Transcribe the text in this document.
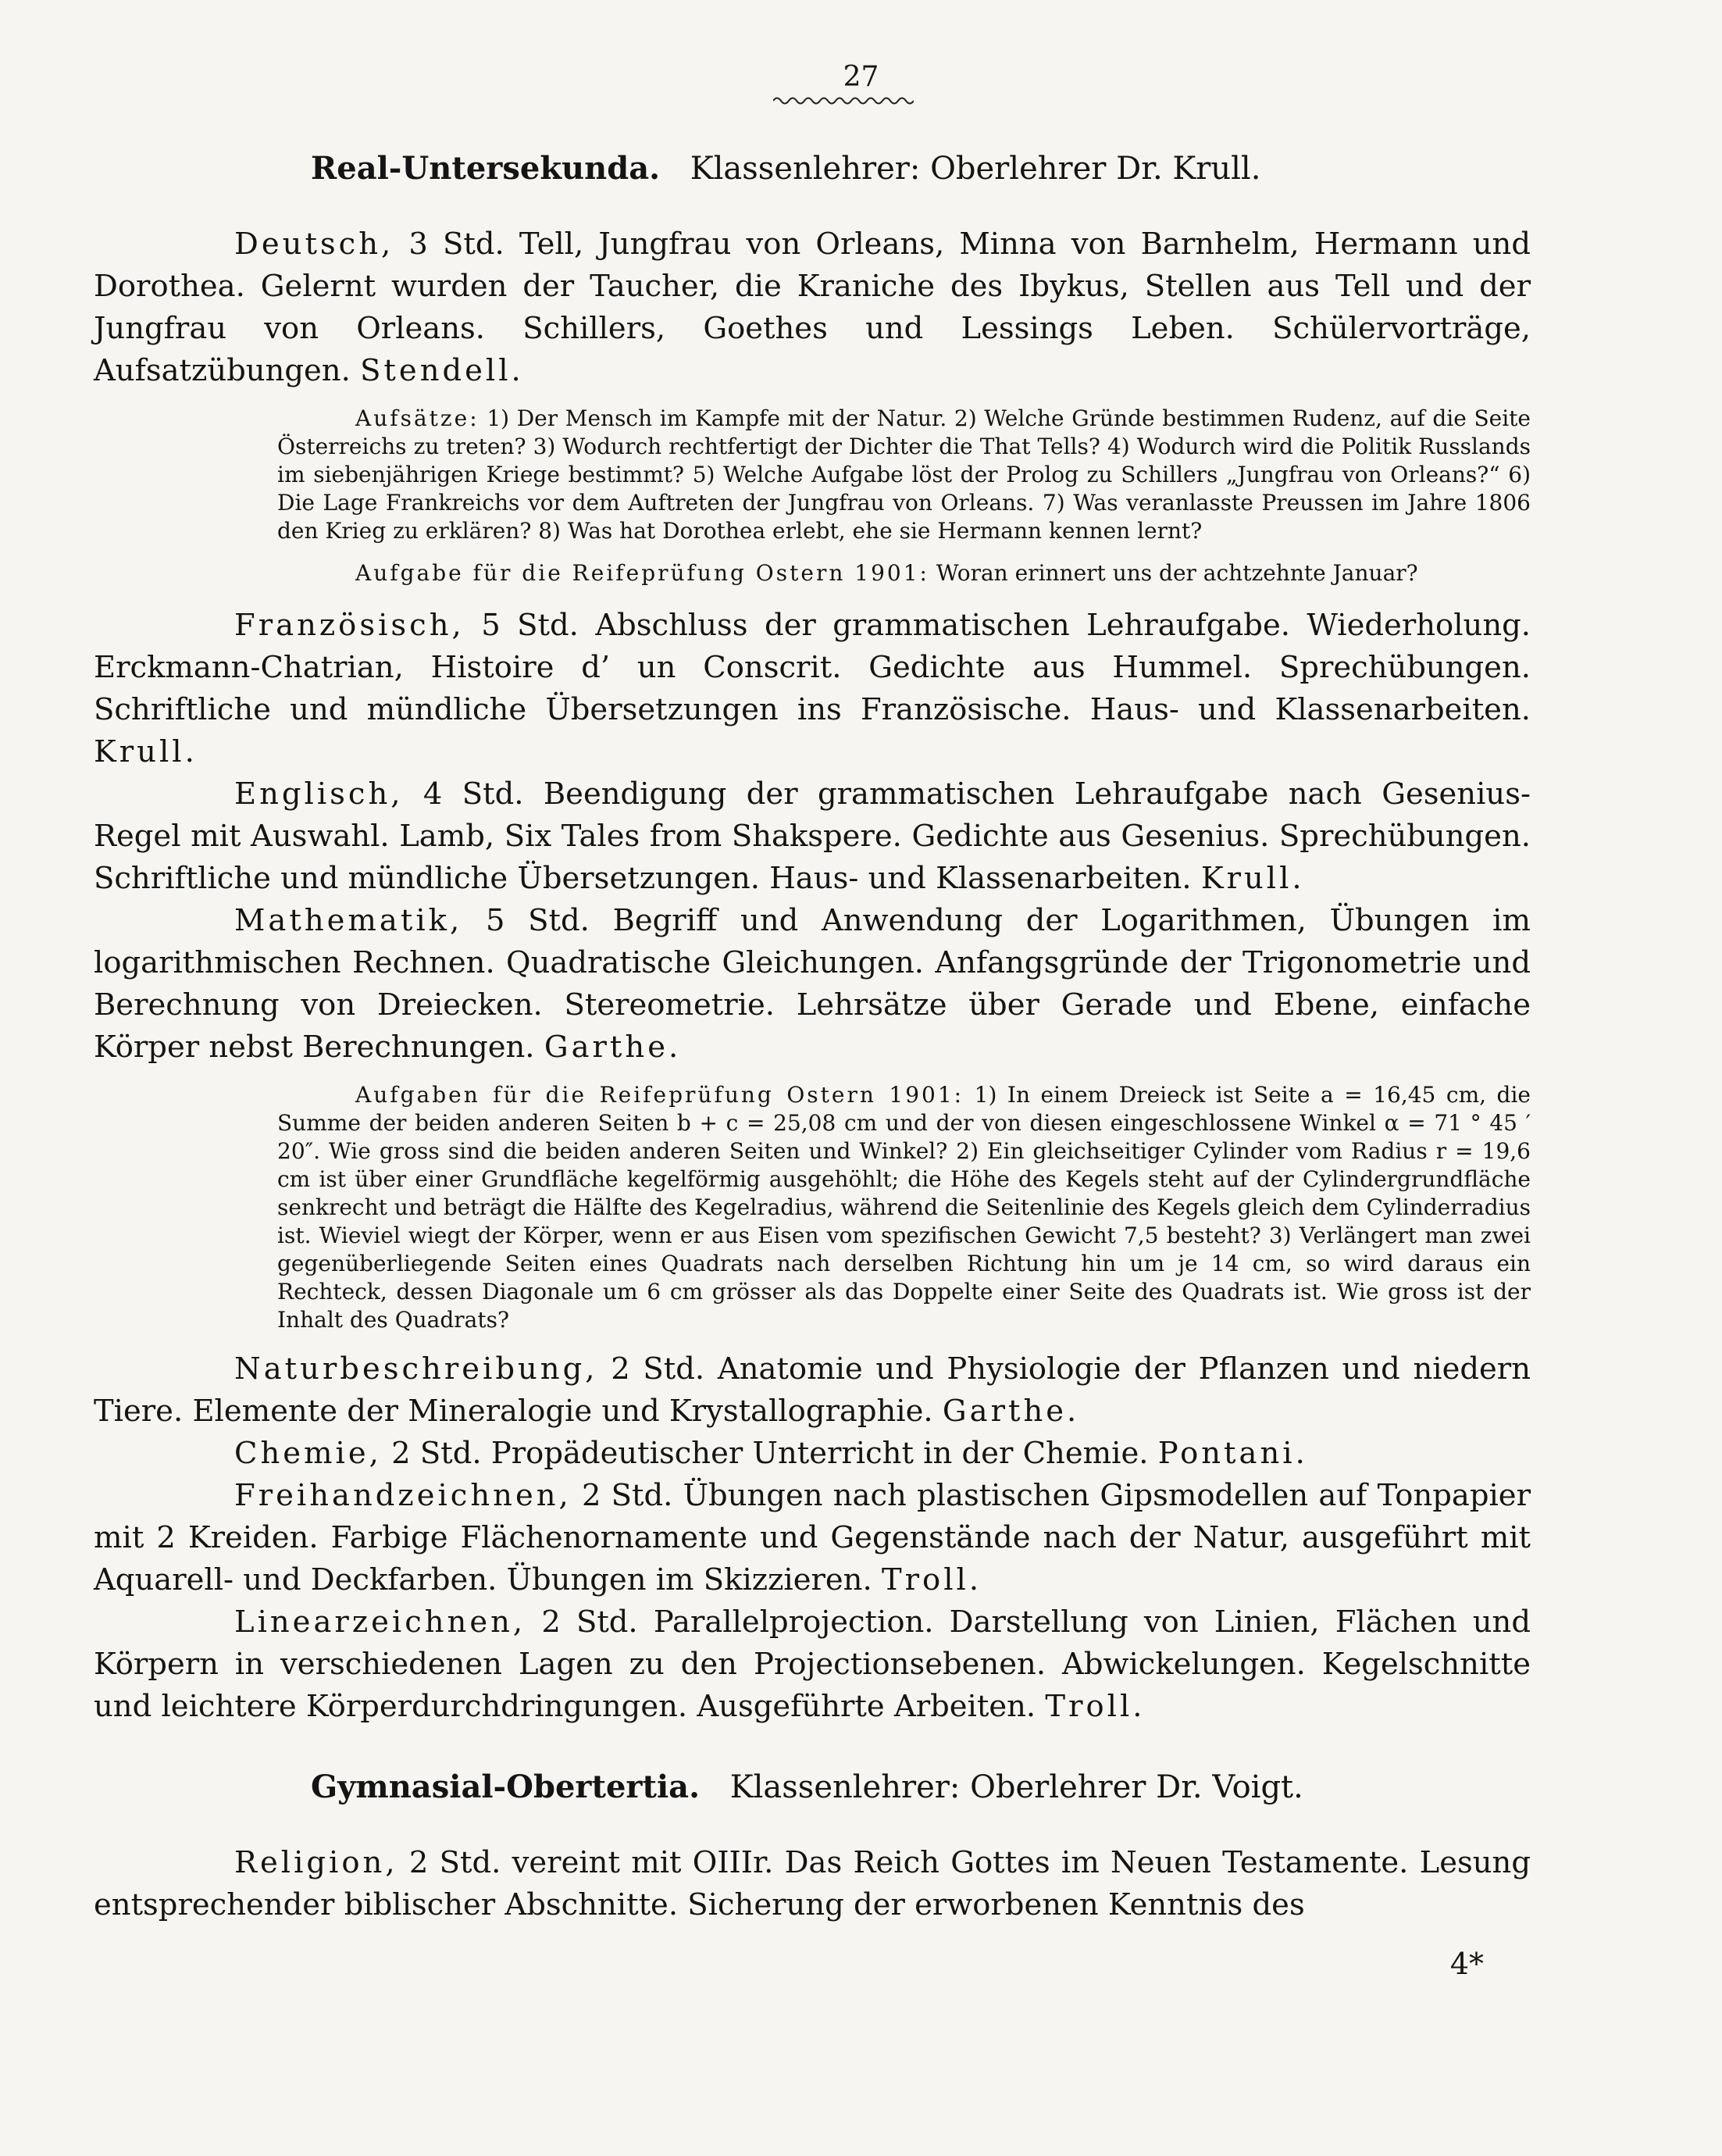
27
Real-Untersekunda. Klassenlehrer: Oberlehrer Dr. Krull.

Deutsch, 3 Std. Tell, Jungfrau von Orleans, Minna von Barnhelm, Hermann und Dorothea. Gelernt wurden der Taucher, die Kraniche des Ibykus, Stellen aus Tell und der Jungfrau von Orleans. Schillers, Goethes und Lessings Leben. Schülervorträge, Aufsatzübungen. Stendell.

Aufsätze: 1) Der Mensch im Kampfe mit der Natur. 2) Welche Gründe bestimmen Rudenz, auf die Seite Österreichs zu treten? 3) Wodurch rechtfertigt der Dichter die That Tells? 4) Wodurch wird die Politik Russlands im siebenjährigen Kriege bestimmt? 5) Welche Aufgabe löst der Prolog zu Schillers „Jungfrau von Orleans?“ 6) Die Lage Frankreichs vor dem Auftreten der Jungfrau von Orleans. 7) Was veranlasste Preussen im Jahre 1806 den Krieg zu erklären? 8) Was hat Dorothea erlebt, ehe sie Hermann kennen lernt?

Aufgabe für die Reifeprüfung Ostern 1901: Woran erinnert uns der achtzehnte Januar?

Französisch, 5 Std. Abschluss der grammatischen Lehraufgabe. Wiederholung. Erckmann-Chatrian, Histoire d’ un Conscrit. Gedichte aus Hummel. Sprechübungen. Schriftliche und mündliche Übersetzungen ins Französische. Haus- und Klassenarbeiten. Krull.

Englisch, 4 Std. Beendigung der grammatischen Lehraufgabe nach Gesenius-Regel mit Auswahl. Lamb, Six Tales from Shakspere. Gedichte aus Gesenius. Sprechübungen. Schriftliche und mündliche Übersetzungen. Haus- und Klassenarbeiten. Krull.

Mathematik, 5 Std. Begriff und Anwendung der Logarithmen, Übungen im logarithmischen Rechnen. Quadratische Gleichungen. Anfangsgründe der Trigonometrie und Berechnung von Dreiecken. Stereometrie. Lehrsätze über Gerade und Ebene, einfache Körper nebst Berechnungen. Garthe.

Aufgaben für die Reifeprüfung Ostern 1901: 1) In einem Dreieck ist Seite a = 16,45 cm, die Summe der beiden anderen Seiten b + c = 25,08 cm und der von diesen eingeschlossene Winkel α = 71 ° 45 ′ 20″. Wie gross sind die beiden anderen Seiten und Winkel? 2) Ein gleichseitiger Cylinder vom Radius r = 19,6 cm ist über einer Grundfläche kegelförmig ausgehöhlt; die Höhe des Kegels steht auf der Cylindergrundfläche senkrecht und beträgt die Hälfte des Kegelradius, während die Seitenlinie des Kegels gleich dem Cylinderradius ist. Wieviel wiegt der Körper, wenn er aus Eisen vom spezifischen Gewicht 7,5 besteht? 3) Verlängert man zwei gegenüberliegende Seiten eines Quadrats nach derselben Richtung hin um je 14 cm, so wird daraus ein Rechteck, dessen Diagonale um 6 cm grösser als das Doppelte einer Seite des Quadrats ist. Wie gross ist der Inhalt des Quadrats?

Naturbeschreibung, 2 Std. Anatomie und Physiologie der Pflanzen und niedern Tiere. Elemente der Mineralogie und Krystallographie. Garthe.

Chemie, 2 Std. Propädeutischer Unterricht in der Chemie. Pontani.

Freihandzeichnen, 2 Std. Übungen nach plastischen Gipsmodellen auf Tonpapier mit 2 Kreiden. Farbige Flächenornamente und Gegenstände nach der Natur, ausgeführt mit Aquarell- und Deckfarben. Übungen im Skizzieren. Troll.

Linearzeichnen, 2 Std. Parallelprojection. Darstellung von Linien, Flächen und Körpern in verschiedenen Lagen zu den Projectionsebenen. Abwickelungen. Kegelschnitte und leichtere Körperdurchdringungen. Ausgeführte Arbeiten. Troll.

Gymnasial-Obertertia. Klassenlehrer: Oberlehrer Dr. Voigt.

Religion, 2 Std. vereint mit OIIIr. Das Reich Gottes im Neuen Testamente. Lesung entsprechender biblischer Abschnitte. Sicherung der erworbenen Kenntnis des

4*
